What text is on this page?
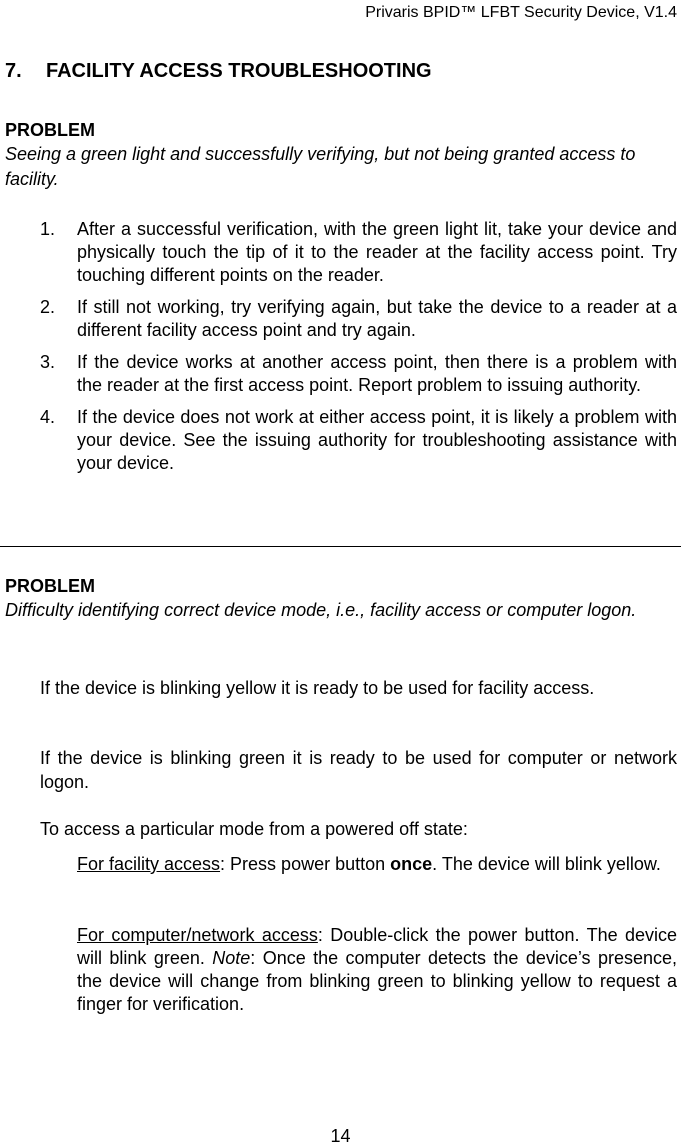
Privaris BPID™ LFBT Security Device, V1.4
7. FACILITY ACCESS TROUBLESHOOTING
PROBLEM
Seeing a green light and successfully verifying, but not being granted access to facility.
1. After a successful verification, with the green light lit, take your device and physically touch the tip of it to the reader at the facility access point. Try touching different points on the reader.
2. If still not working, try verifying again, but take the device to a reader at a different facility access point and try again.
3. If the device works at another access point, then there is a problem with the reader at the first access point. Report problem to issuing authority.
4. If the device does not work at either access point, it is likely a problem with your device. See the issuing authority for troubleshooting assistance with your device.
PROBLEM
Difficulty identifying correct device mode, i.e., facility access or computer logon.

If the device is blinking yellow it is ready to be used for facility access.

If the device is blinking green it is ready to be used for computer or network logon.

To access a particular mode from a powered off state:

For facility access: Press power button once. The device will blink yellow.

For computer/network access: Double-click the power button. The device will blink green. Note: Once the computer detects the device’s presence, the device will change from blinking green to blinking yellow to request a finger for verification.

14
